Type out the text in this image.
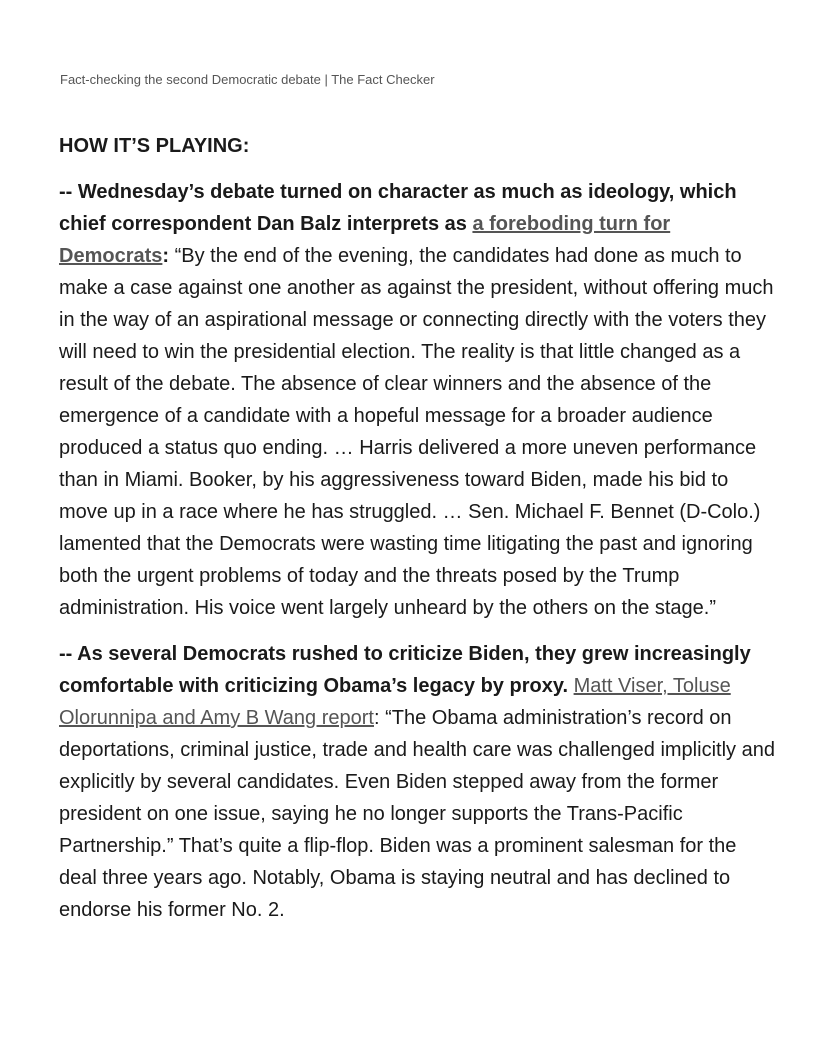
Fact-checking the second Democratic debate | The Fact Checker
HOW IT’S PLAYING:

-- Wednesday’s debate turned on character as much as ideology, which chief correspondent Dan Balz interprets as a foreboding turn for Democrats: “By the end of the evening, the candidates had done as much to make a case against one another as against the president, without offering much in the way of an aspirational message or connecting directly with the voters they will need to win the presidential election. The reality is that little changed as a result of the debate. The absence of clear winners and the absence of the emergence of a candidate with a hopeful message for a broader audience produced a status quo ending. … Harris delivered a more uneven performance than in Miami. Booker, by his aggressiveness toward Biden, made his bid to move up in a race where he has struggled. … Sen. Michael F. Bennet (D-Colo.) lamented that the Democrats were wasting time litigating the past and ignoring both the urgent problems of today and the threats posed by the Trump administration. His voice went largely unheard by the others on the stage.”

-- As several Democrats rushed to criticize Biden, they grew increasingly comfortable with criticizing Obama’s legacy by proxy. Matt Viser, Toluse Olorunnipa and Amy B Wang report: “The Obama administration’s record on deportations, criminal justice, trade and health care was challenged implicitly and explicitly by several candidates. Even Biden stepped away from the former president on one issue, saying he no longer supports the Trans-Pacific Partnership.” That’s quite a flip-flop. Biden was a prominent salesman for the deal three years ago. Notably, Obama is staying neutral and has declined to endorse his former No. 2.
